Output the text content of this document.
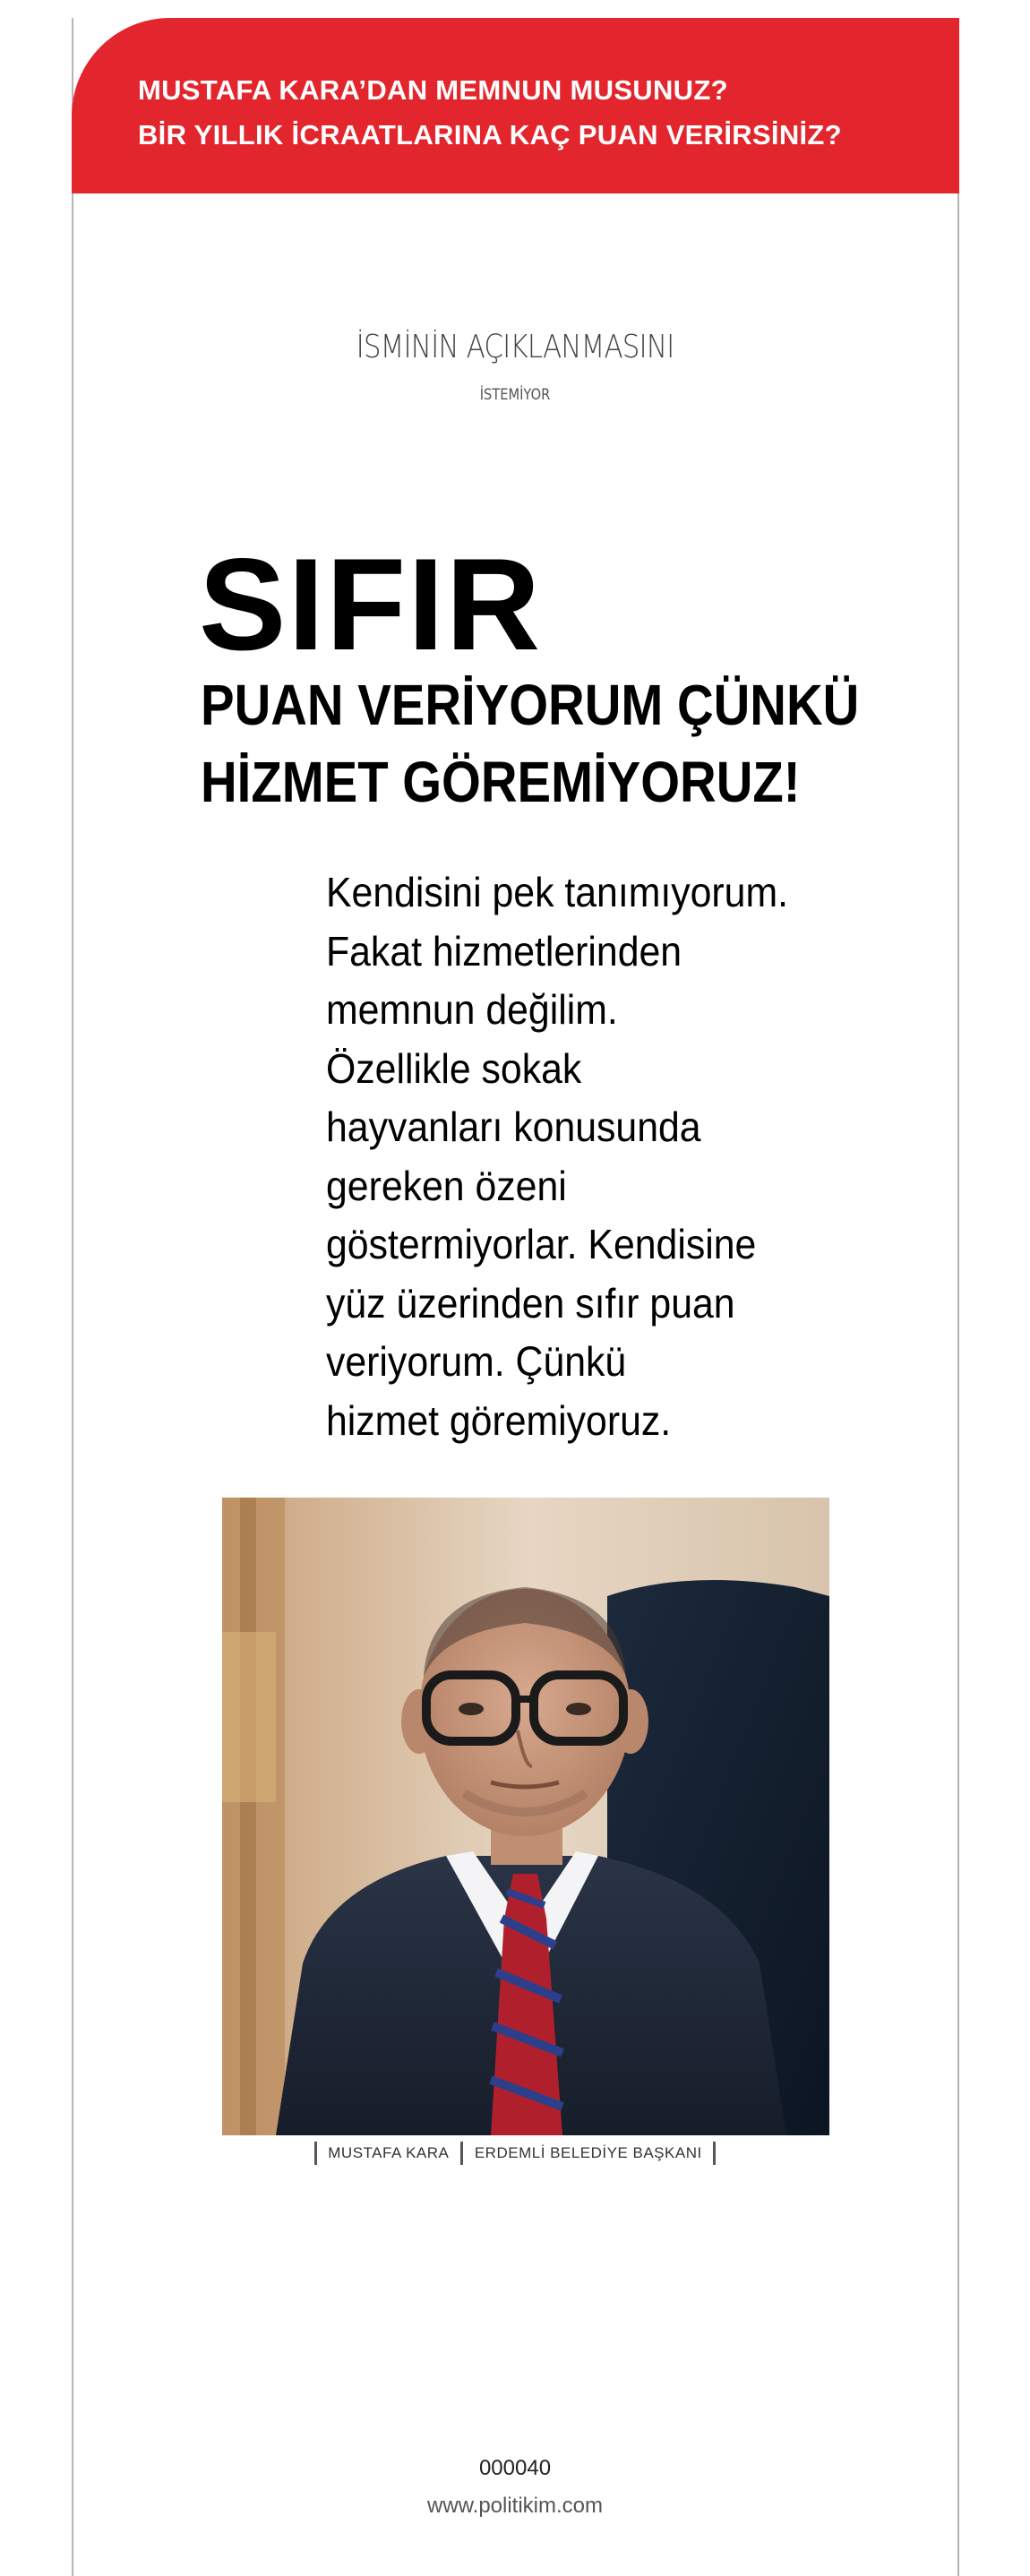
MUSTAFA KARA’DAN MEMNUN MUSUNUZ?
BİR YILLIK İCRAATLARINA KAÇ PUAN VERİRSİNİZ?
İSMİNİN AÇIKLANMASINI
İSTEMİYOR
SIFIR
PUAN VERİYORUM ÇÜNKÜ
HİZMET GÖREMİYORUZ!
Kendisini pek tanımıyorum.
Fakat hizmetlerinden
memnun değilim.
Özellikle sokak
hayvanları konusunda
gereken özeni
göstermiyorlar. Kendisine
yüz üzerinden sıfır puan
veriyorum. Çünkü
hizmet göremiyoruz.
MUSTAFA KARA ERDEMLİ BELEDİYE BAŞKANI
000040
www.politikim.com
